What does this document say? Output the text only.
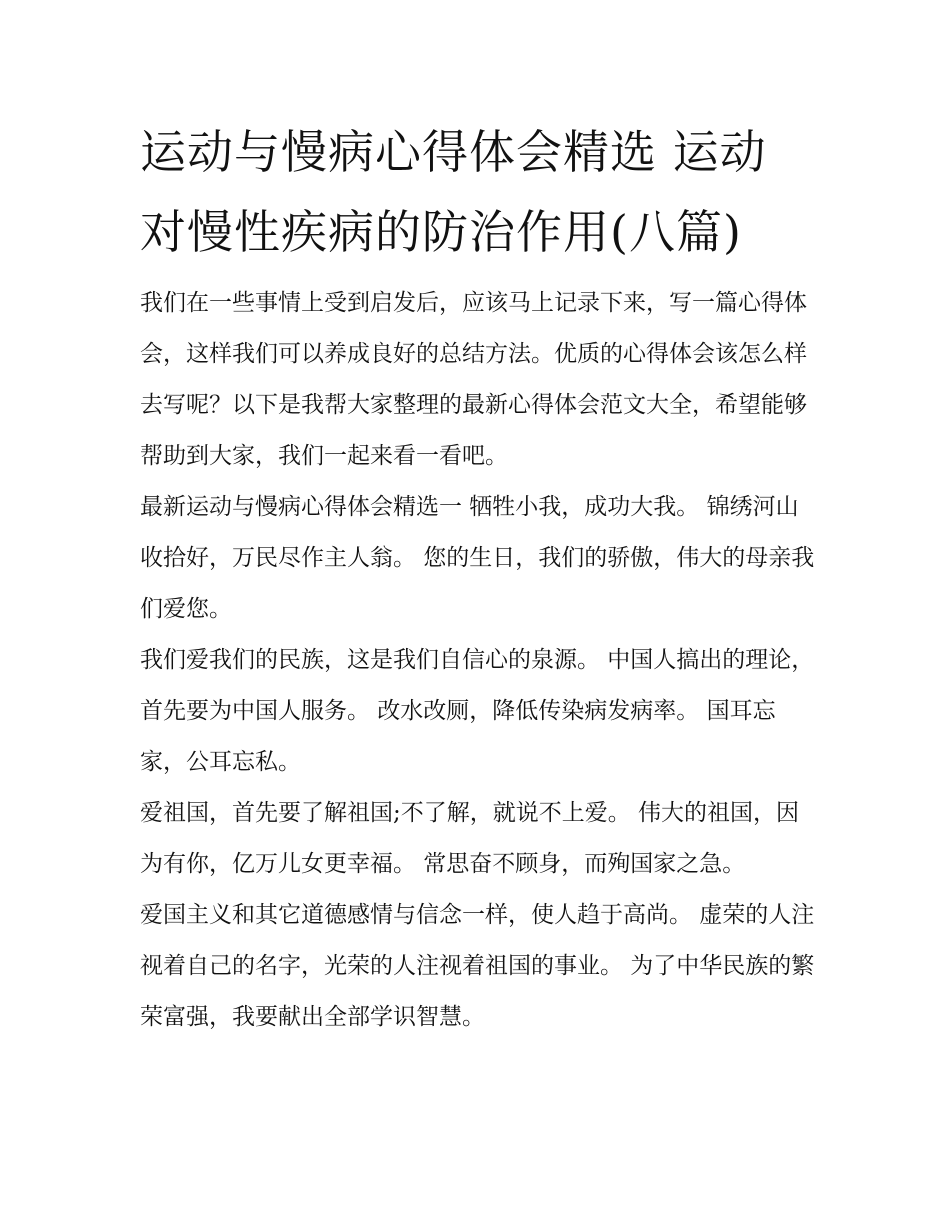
运动与慢病心得体会精选 运动
对慢性疾病的防治作用(八篇)

我们在一些事情上受到启发后，应该马上记录下来，写一篇心得体会，这样我们可以养成良好的总结方法。优质的心得体会该怎么样去写呢？以下是我帮大家整理的最新心得体会范文大全，希望能够帮助到大家，我们一起来看一看吧。

最新运动与慢病心得体会精选一 牺牲小我，成功大我。 锦绣河山收拾好，万民尽作主人翁。 您的生日，我们的骄傲，伟大的母亲我们爱您。

我们爱我们的民族，这是我们自信心的泉源。 中国人搞出的理论，首先要为中国人服务。 改水改厕，降低传染病发病率。 国耳忘家，公耳忘私。

爱祖国，首先要了解祖国;不了解，就说不上爱。 伟大的祖国，因为有你，亿万儿女更幸福。 常思奋不顾身，而殉国家之急。

爱国主义和其它道德感情与信念一样，使人趋于高尚。 虚荣的人注视着自己的名字，光荣的人注视着祖国的事业。 为了中华民族的繁荣富强，我要献出全部学识智慧。
